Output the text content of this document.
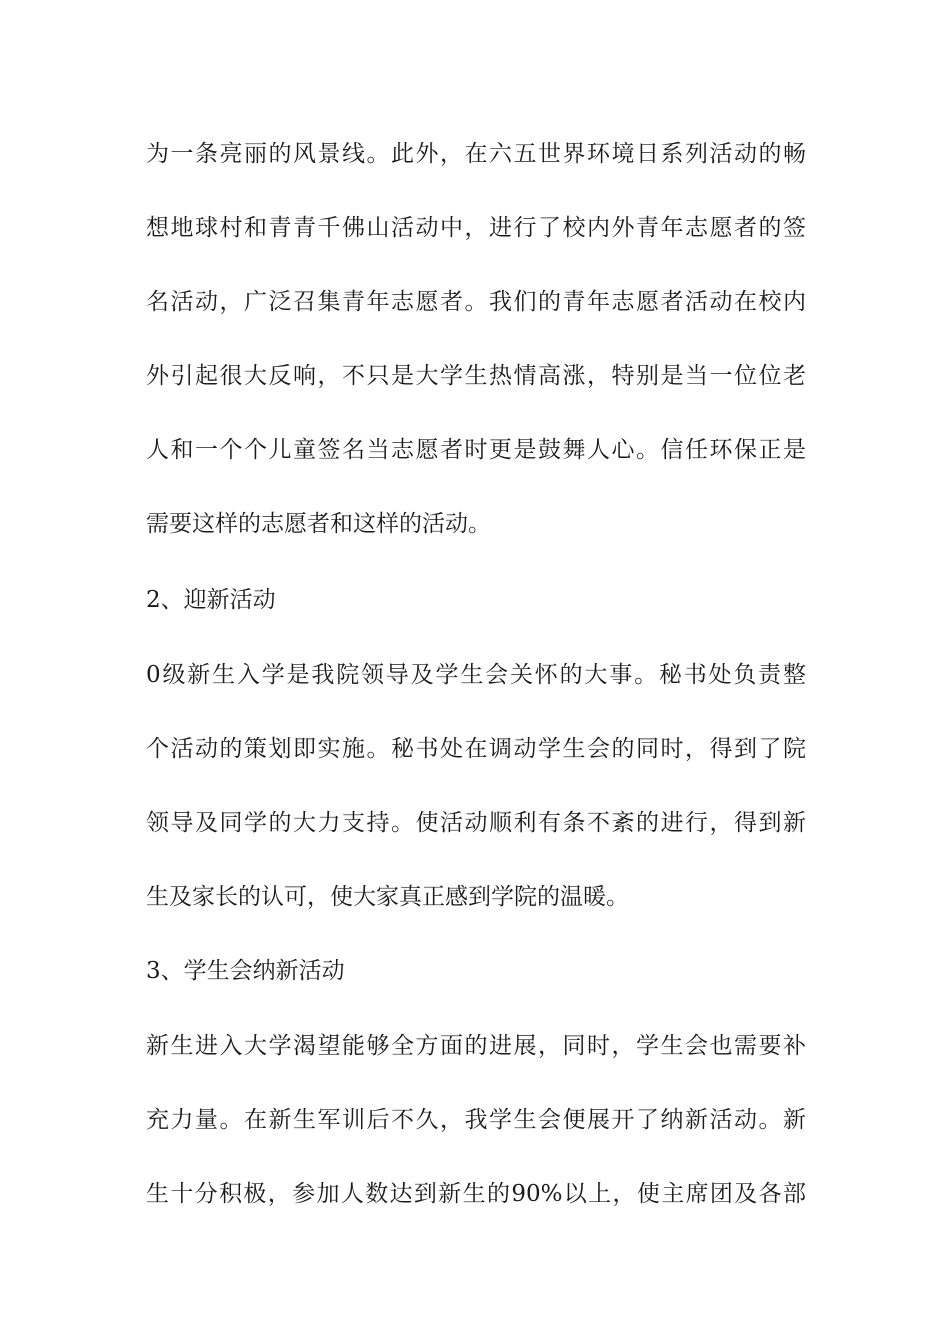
为一条亮丽的风景线。此外，在六五世界环境日系列活动的畅
想地球村和青青千佛山活动中，进行了校内外青年志愿者的签
名活动，广泛召集青年志愿者。我们的青年志愿者活动在校内
外引起很大反响，不只是大学生热情高涨，特别是当一位位老
人和一个个儿童签名当志愿者时更是鼓舞人心。信任环保正是
需要这样的志愿者和这样的活动。
2、迎新活动
0级新生入学是我院领导及学生会关怀的大事。秘书处负责整
个活动的策划即实施。秘书处在调动学生会的同时，得到了院
领导及同学的大力支持。使活动顺利有条不紊的进行，得到新
生及家长的认可，使大家真正感到学院的温暖。
3、学生会纳新活动
新生进入大学渴望能够全方面的进展，同时，学生会也需要补
充力量。在新生军训后不久，我学生会便展开了纳新活动。新
生十分积极，参加人数达到新生的90%以上，使主席团及各部
